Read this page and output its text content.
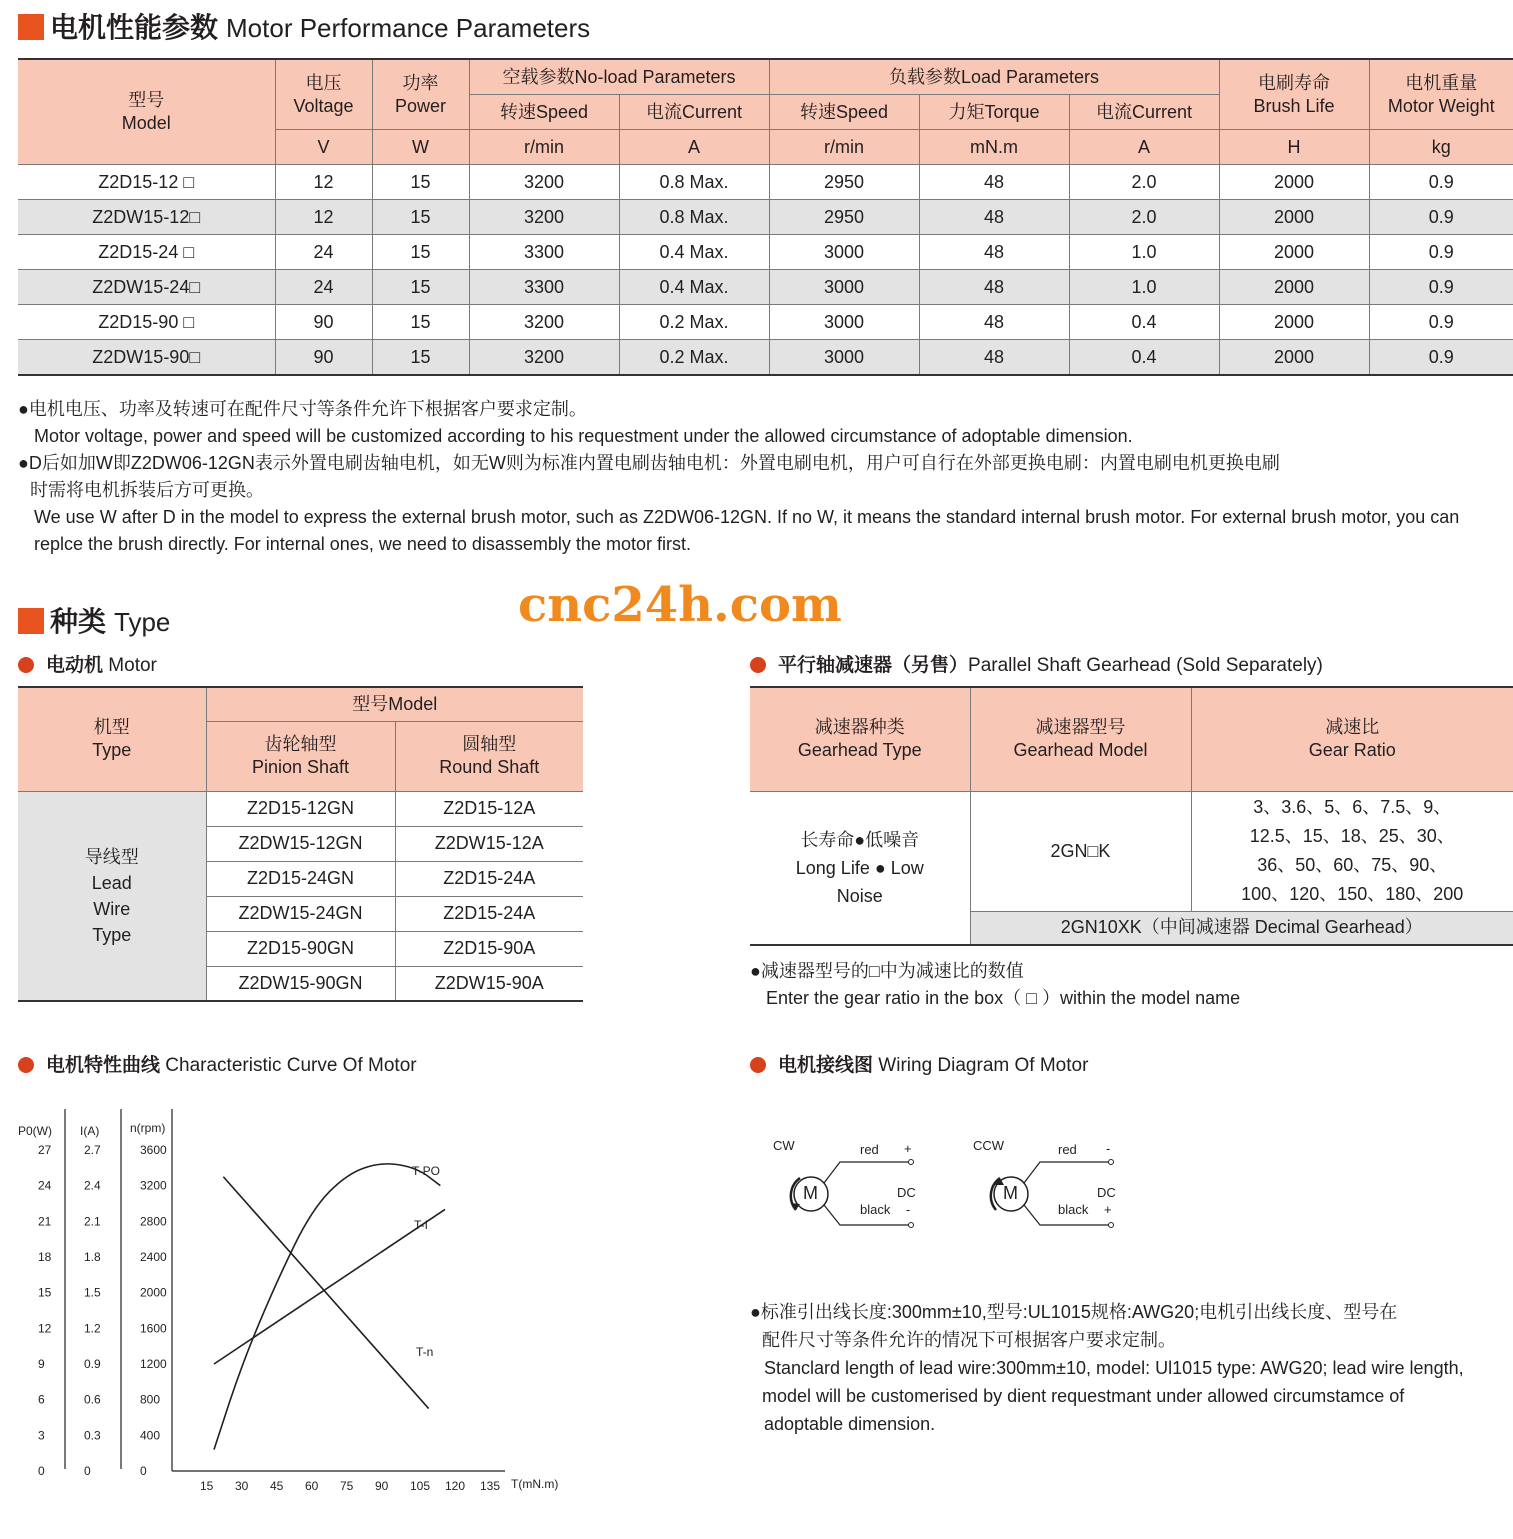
电机性能参数 Motor Performance Parameters
型号
Model	电压
Voltage	功率
Power	空载参数No-load Parameters		负载参数Load Parameters			电刷寿命
Brush Life	电机重量
Motor Weight
			转速Speed	电流Current	转速Speed	力矩Torque	电流Current		
	V	W	r/min	A	r/min	mN.m	A	H	kg
Z2D15-12 □	12	15	3200	0.8 Max.	2950	48	2.0	2000	0.9
Z2DW15-12□	12	15	3200	0.8 Max.	2950	48	2.0	2000	0.9
Z2D15-24 □	24	15	3300	0.4 Max.	3000	48	1.0	2000	0.9
Z2DW15-24□	24	15	3300	0.4 Max.	3000	48	1.0	2000	0.9
Z2D15-90 □	90	15	3200	0.2 Max.	3000	48	0.4	2000	0.9
Z2DW15-90□	90	15	3200	0.2 Max.	3000	48	0.4	2000	0.9
●电机电压、功率及转速可在配件尺寸等条件允许下根据客户要求定制。
Motor voltage, power and speed will be customized according to his requestment under the allowed circumstance of adoptable dimension.
●D后如加W即Z2DW06-12GN表示外置电刷齿轴电机，如无W则为标准内置电刷齿轴电机：外置电刷电机，用户可自行在外部更换电刷：内置电刷电机更换电刷
时需将电机拆装后方可更换。
We use W after D in the model to express the external brush motor, such as Z2DW06-12GN. If no W, it means the standard internal brush motor. For external brush motor, you can
replce the brush directly. For internal ones, we need to disassembly the motor first.
种类 Type	cnc24h.com
电动机 Motor
机型
Type	型号Model	
	齿轮轴型
Pinion Shaft	圆轴型
Round Shaft
导线型
Lead
Wire
Type	Z2D15-12GN	Z2D15-12A
	Z2DW15-12GN	Z2DW15-12A
	Z2D15-24GN	Z2D15-24A
	Z2DW15-24GN	Z2D15-24A
	Z2D15-90GN	Z2D15-90A
	Z2DW15-90GN	Z2DW15-90A
平行轴减速器（另售）Parallel Shaft Gearhead (Sold Separately)
减速器种类
Gearhead Type	减速器型号
Gearhead Model	减速比
Gear Ratio
长寿命●低噪音
Long Life ● Low
Noise	2GN□K	3、3.6、5、6、7.5、9、
12.5、15、18、25、30、
36、50、60、75、90、
100、120、150、180、200
	2GN10XK（中间减速器 Decimal Gearhead）	
●减速器型号的□中为减速比的数值
Enter the gear ratio in the box（ □ ）within the model name
电机特性曲线 Characteristic Curve Of Motor
P0(W)
27
24
21
18
15
12
9
6
3
0
I(A)
2.7
2.4
2.1
1.8
1.5
1.2
0.9
0.6
0.3
0
n(rpm)
3600
3200
2800
2400
2000
1600
1200
800
400
0
15 30 45 60 75 90 105 120 135 T(mN.m)
T-PO
T-I
T-n
电机接线图 Wiring Diagram Of Motor
CW
M
red +
DC
black -
CCW
M
red -
DC
black +
●标准引出线长度:300mm±10,型号:UL1015规格:AWG20;电机引出线长度、型号在
配件尺寸等条件允许的情况下可根据客户要求定制。
Stanclard length of lead wire:300mm±10, model: Ul1015 type: AWG20; lead wire length,
model will be customerised by dient requestmant under allowed circumstamce of
adoptable dimension.
